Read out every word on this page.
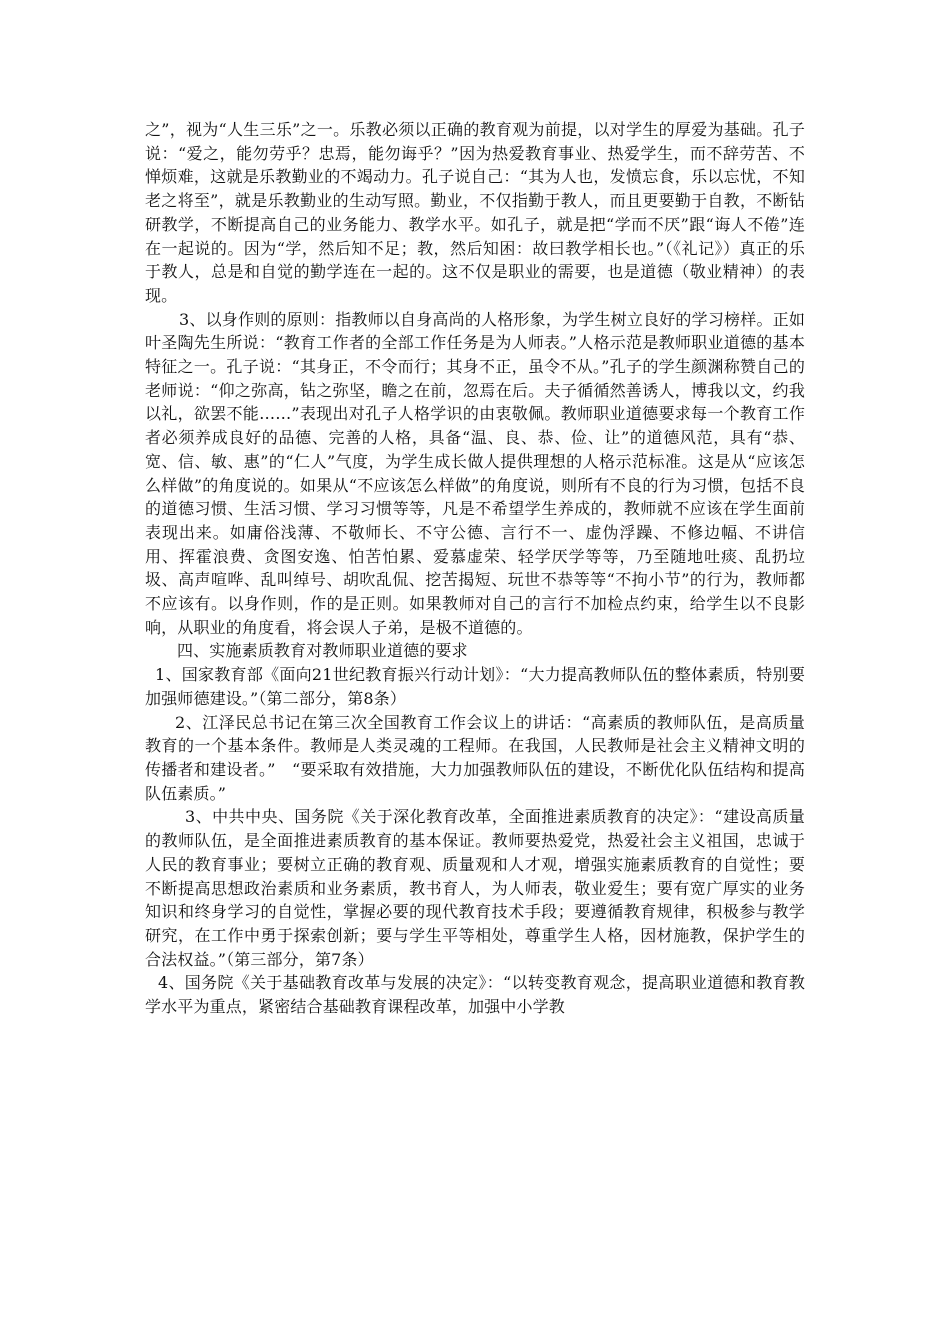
之”，视为“人生三乐”之一。乐教必须以正确的教育观为前提，以对学生的厚爱为基础。孔子说：“爱之，能勿劳乎？忠焉，能勿诲乎？”因为热爱教育事业、热爱学生，而不辞劳苦、不惮烦难，这就是乐教勤业的不竭动力。孔子说自己：“其为人也，发愤忘食，乐以忘忧，不知老之将至”，就是乐教勤业的生动写照。勤业，不仅指勤于教人，而且更要勤于自教，不断钻研教学，不断提高自己的业务能力、教学水平。如孔子，就是把“学而不厌”跟“诲人不倦”连在一起说的。因为“学，然后知不足；教，然后知困：故曰教学相长也。”（《礼记》）真正的乐于教人，总是和自觉的勤学连在一起的。这不仅是职业的需要，也是道德（敬业精神）的表现。

3、以身作则的原则：指教师以自身高尚的人格形象，为学生树立良好的学习榜样。正如叶圣陶先生所说：“教育工作者的全部工作任务是为人师表。”人格示范是教师职业道德的基本特征之一。孔子说：“其身正，不令而行；其身不正，虽令不从。”孔子的学生颜渊称赞自己的老师说：“仰之弥高，钻之弥坚，瞻之在前，忽焉在后。夫子循循然善诱人，博我以文，约我以礼，欲罢不能……”表现出对孔子人格学识的由衷敬佩。教师职业道德要求每一个教育工作者必须养成良好的品德、完善的人格，具备“温、良、恭、俭、让”的道德风范，具有“恭、宽、信、敏、惠”的“仁人”气度，为学生成长做人提供理想的人格示范标准。这是从“应该怎么样做”的角度说的。如果从“不应该怎么样做”的角度说，则所有不良的行为习惯，包括不良的道德习惯、生活习惯、学习习惯等等，凡是不希望学生养成的，教师就不应该在学生面前表现出来。如庸俗浅薄、不敬师长、不守公德、言行不一、虚伪浮躁、不修边幅、不讲信用、挥霍浪费、贪图安逸、怕苦怕累、爱慕虚荣、轻学厌学等等，乃至随地吐痰、乱扔垃圾、高声喧哗、乱叫绰号、胡吹乱侃、挖苦揭短、玩世不恭等等“不拘小节”的行为，教师都不应该有。以身作则，作的是正则。如果教师对自己的言行不加检点约束，给学生以不良影响，从职业的角度看，将会误人子弟，是极不道德的。

四、实施素质教育对教师职业道德的要求

1、国家教育部《面向21世纪教育振兴行动计划》：“大力提高教师队伍的整体素质，特别要加强师德建设。”（第二部分，第8条）

2、江泽民总书记在第三次全国教育工作会议上的讲话：“高素质的教师队伍，是高质量教育的一个基本条件。教师是人类灵魂的工程师。在我国，人民教师是社会主义精神文明的传播者和建设者。”　“要采取有效措施，大力加强教师队伍的建设，不断优化队伍结构和提高队伍素质。”

3、中共中央、国务院《关于深化教育改革，全面推进素质教育的决定》：“建设高质量的教师队伍，是全面推进素质教育的基本保证。教师要热爱党，热爱社会主义祖国，忠诚于人民的教育事业；要树立正确的教育观、质量观和人才观，增强实施素质教育的自觉性；要不断提高思想政治素质和业务素质，教书育人，为人师表，敬业爱生；要有宽广厚实的业务知识和终身学习的自觉性，掌握必要的现代教育技术手段；要遵循教育规律，积极参与教学研究，在工作中勇于探索创新；要与学生平等相处，尊重学生人格，因材施教，保护学生的合法权益。”（第三部分，第7条）

4、国务院《关于基础教育改革与发展的决定》：“以转变教育观念，提高职业道德和教育教学水平为重点，紧密结合基础教育课程改革，加强中小学教
